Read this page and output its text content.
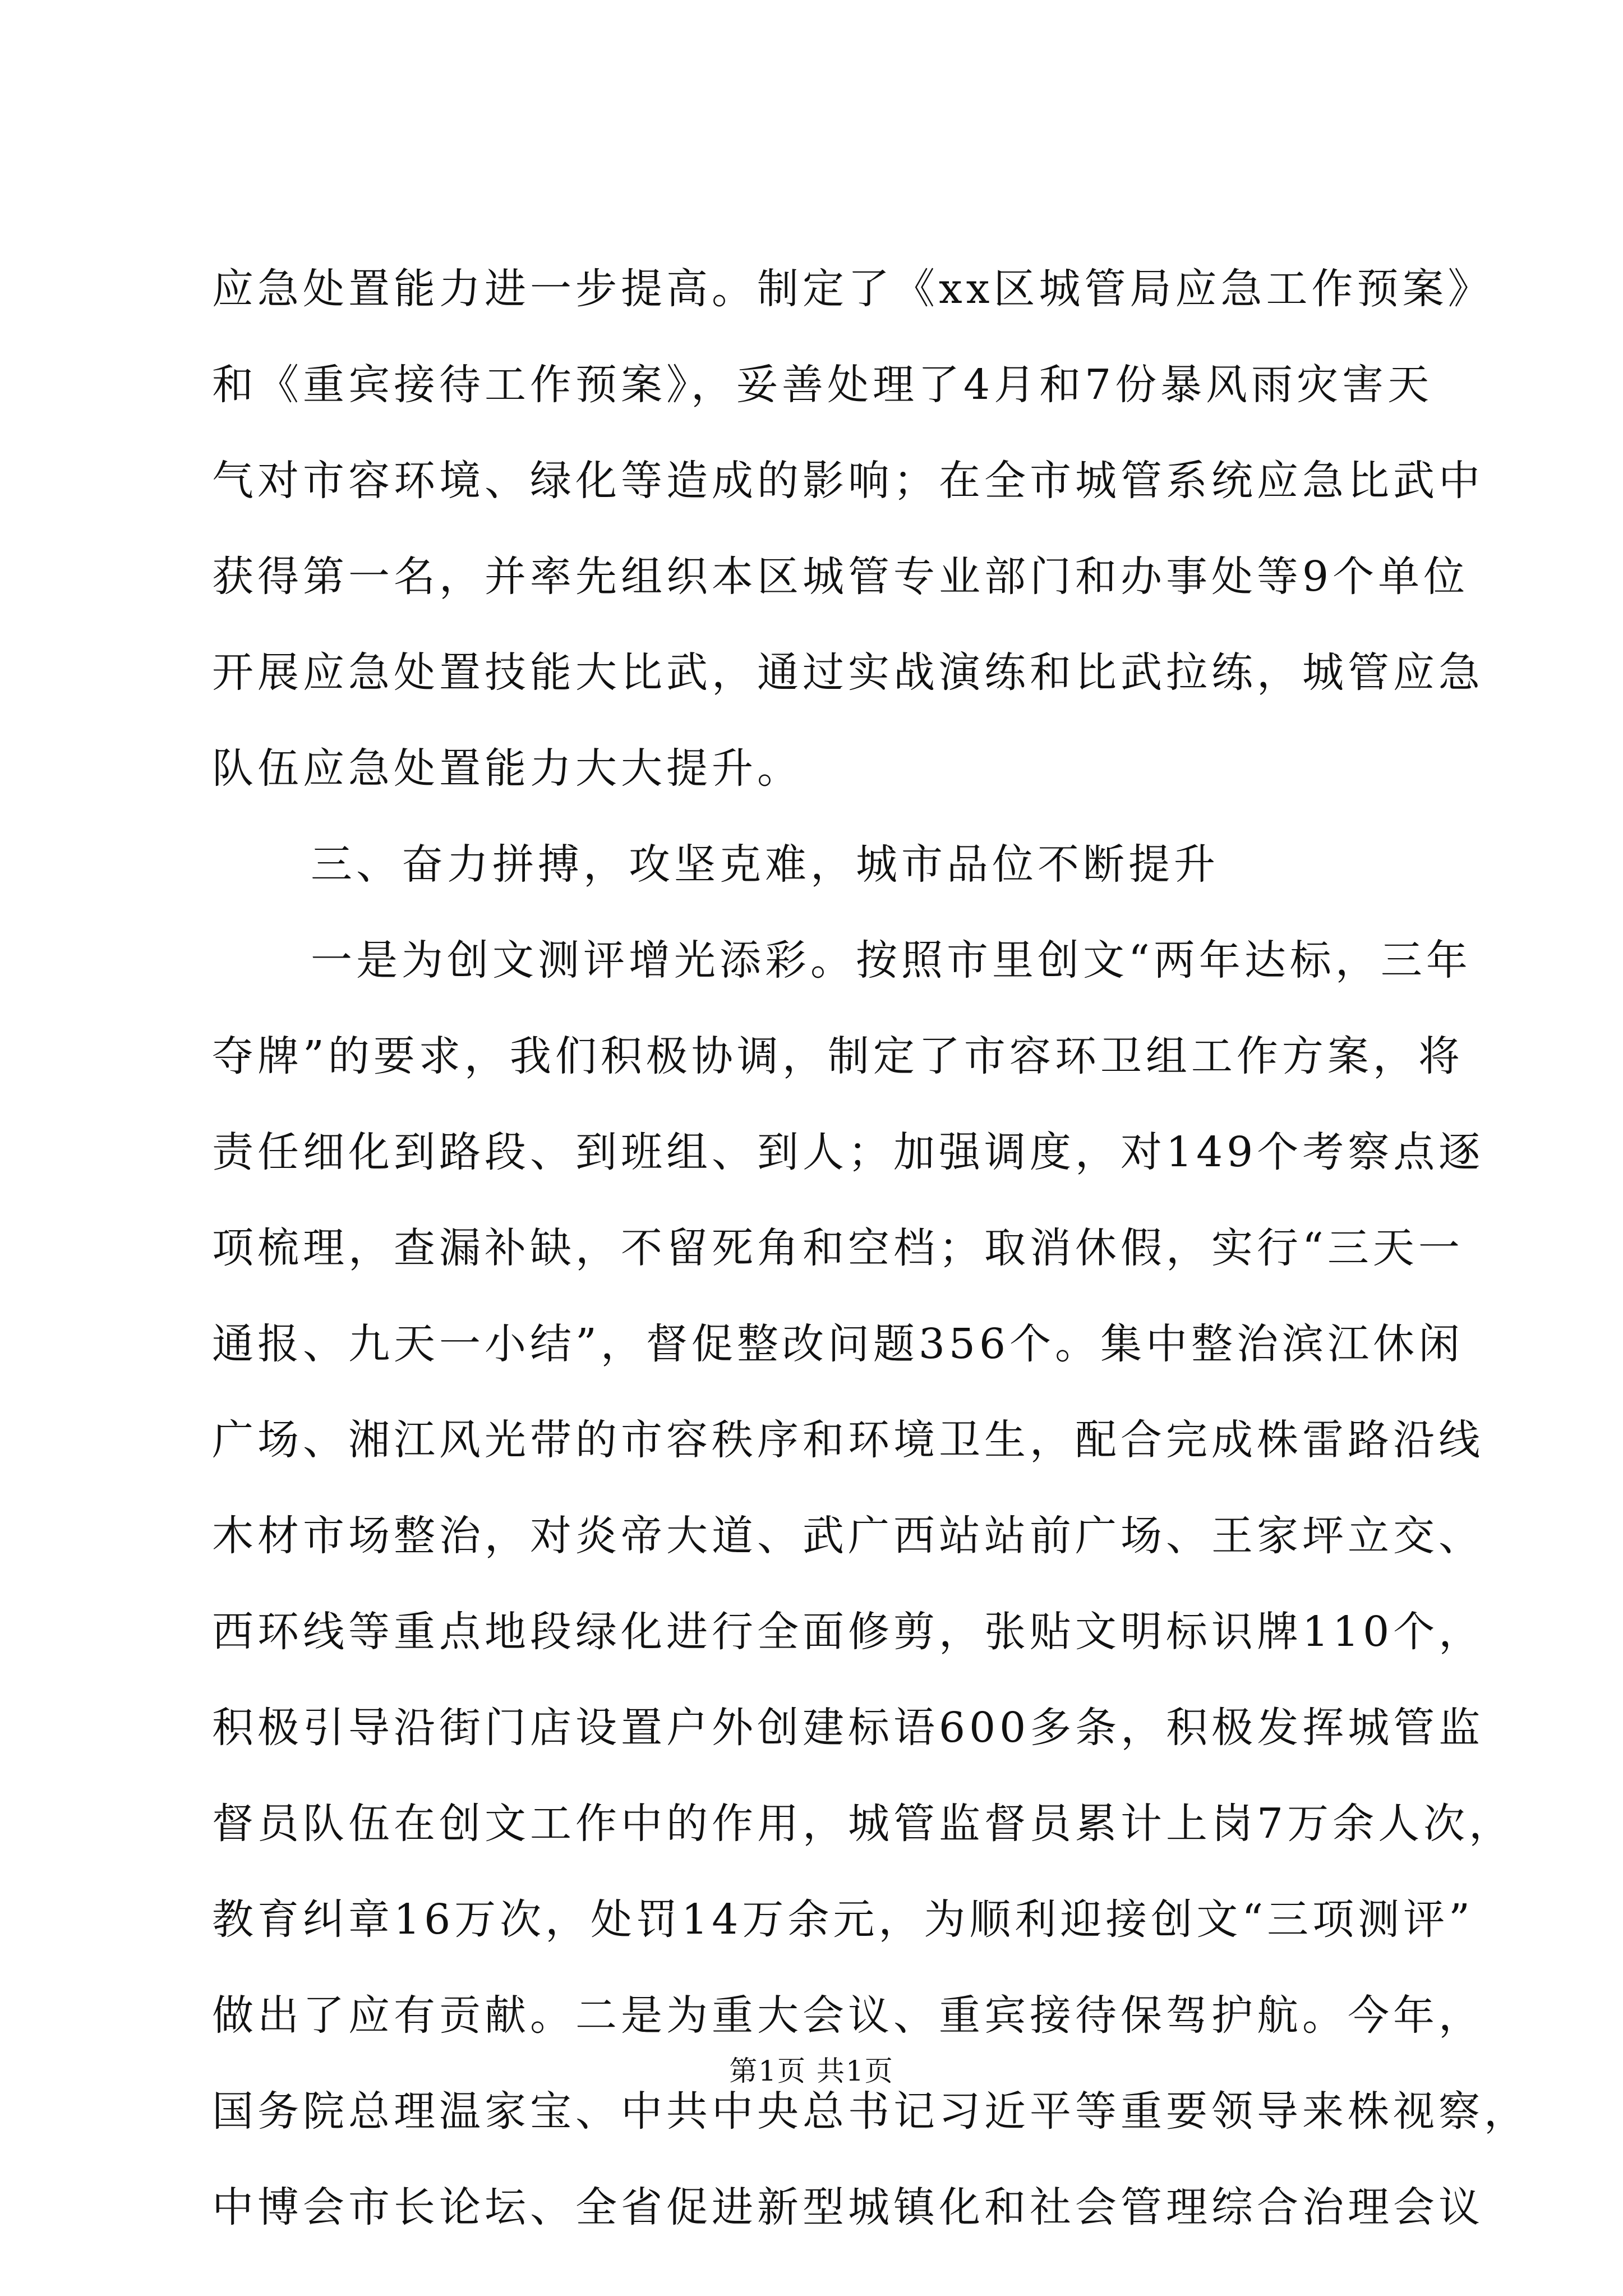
应急处置能力进一步提高。制定了《xx区城管局应急工作预案》
和《重宾接待工作预案》，妥善处理了4月和7份暴风雨灾害天
气对市容环境、绿化等造成的影响；在全市城管系统应急比武中
获得第一名，并率先组织本区城管专业部门和办事处等9个单位
开展应急处置技能大比武，通过实战演练和比武拉练，城管应急
队伍应急处置能力大大提升。
三、奋力拼搏，攻坚克难，城市品位不断提升
一是为创文测评增光添彩。按照市里创文“两年达标，三年
夺牌”的要求，我们积极协调，制定了市容环卫组工作方案，将
责任细化到路段、到班组、到人；加强调度，对149个考察点逐
项梳理，查漏补缺，不留死角和空档；取消休假，实行“三天一
通报、九天一小结”，督促整改问题356个。集中整治滨江休闲
广场、湘江风光带的市容秩序和环境卫生，配合完成株雷路沿线
木材市场整治，对炎帝大道、武广西站站前广场、王家坪立交、
西环线等重点地段绿化进行全面修剪，张贴文明标识牌110个，
积极引导沿街门店设置户外创建标语600多条，积极发挥城管监
督员队伍在创文工作中的作用，城管监督员累计上岗7万余人次，
教育纠章16万次，处罚14万余元，为顺利迎接创文“三项测评”
做出了应有贡献。二是为重大会议、重宾接待保驾护航。今年，
国务院总理温家宝、中共中央总书记习近平等重要领导来株视察，
中博会市长论坛、全省促进新型城镇化和社会管理综合治理会议
第1页 共1页
